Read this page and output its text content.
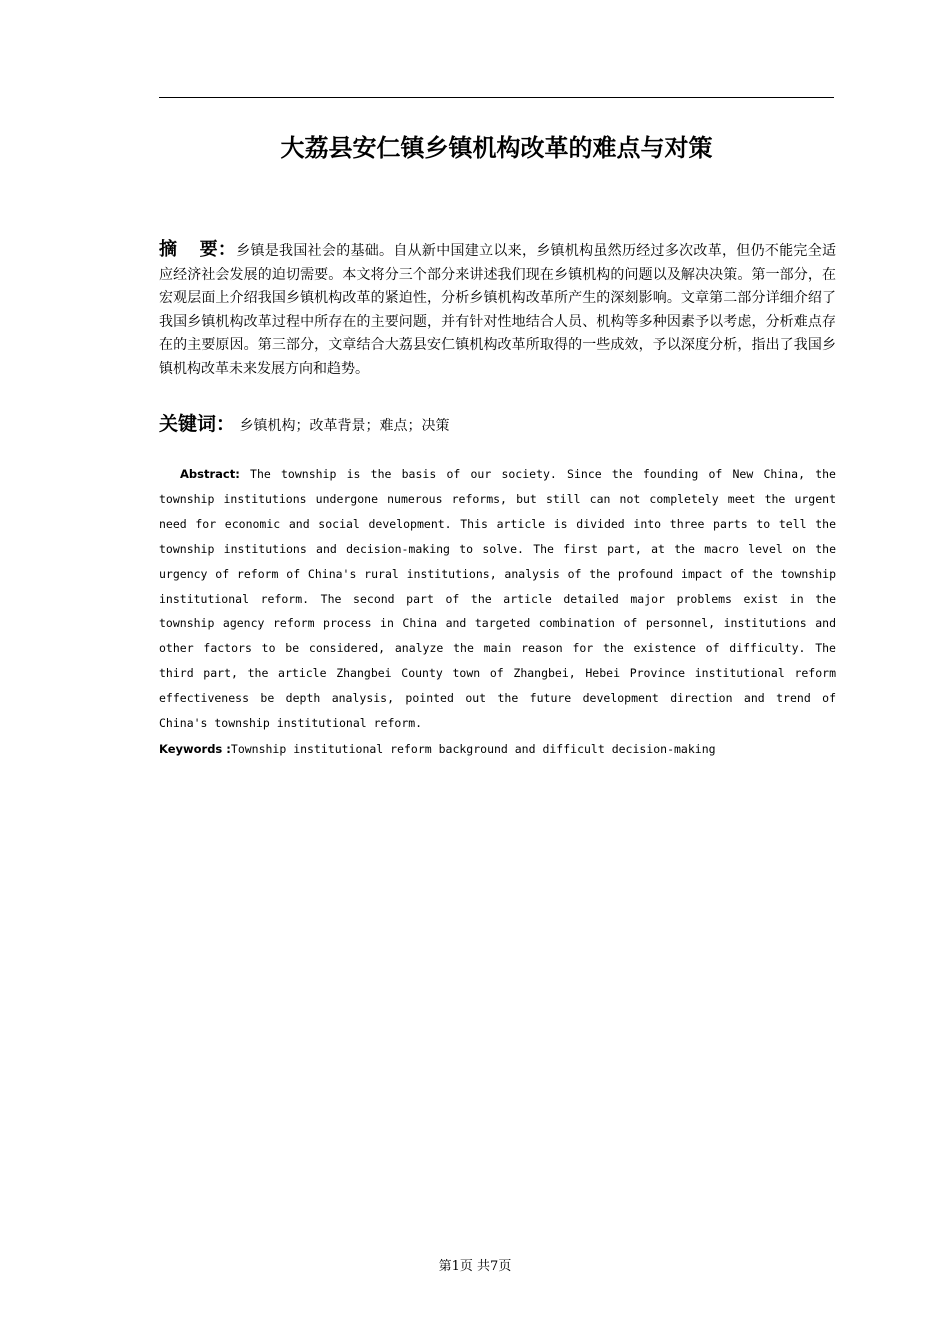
大荔县安仁镇乡镇机构改革的难点与对策

摘 要：乡镇是我国社会的基础。自从新中国建立以来，乡镇机构虽然历经过多次改革，但仍不能完全适应经济社会发展的迫切需要。本文将分三个部分来讲述我们现在乡镇机构的问题以及解决决策。第一部分，在宏观层面上介绍我国乡镇机构改革的紧迫性，分析乡镇机构改革所产生的深刻影响。文章第二部分详细介绍了我国乡镇机构改革过程中所存在的主要问题，并有针对性地结合人员、机构等多种因素予以考虑，分析难点存在的主要原因。第三部分，文章结合大荔县安仁镇机构改革所取得的一些成效，予以深度分析，指出了我国乡镇机构改革未来发展方向和趋势。

关键词： 乡镇机构；改革背景；难点；决策

Abstract: The township is the basis of our society. Since the founding of New China, the township institutions undergone numerous reforms, but still can not completely meet the urgent need for economic and social development. This article is divided into three parts to tell the township institutions and decision-making to solve. The first part, at the macro level on the urgency of reform of China's rural institutions, analysis of the profound impact of the township institutional reform. The second part of the article detailed major problems exist in the township agency reform process in China and targeted combination of personnel, institutions and other factors to be considered, analyze the main reason for the existence of difficulty. The third part, the article Zhangbei County town of Zhangbei, Hebei Province institutional reform effectiveness be depth analysis, pointed out the future development direction and trend of China's township institutional reform.

Keywords :Township institutional reform background and difficult decision-making

第1页 共7页
